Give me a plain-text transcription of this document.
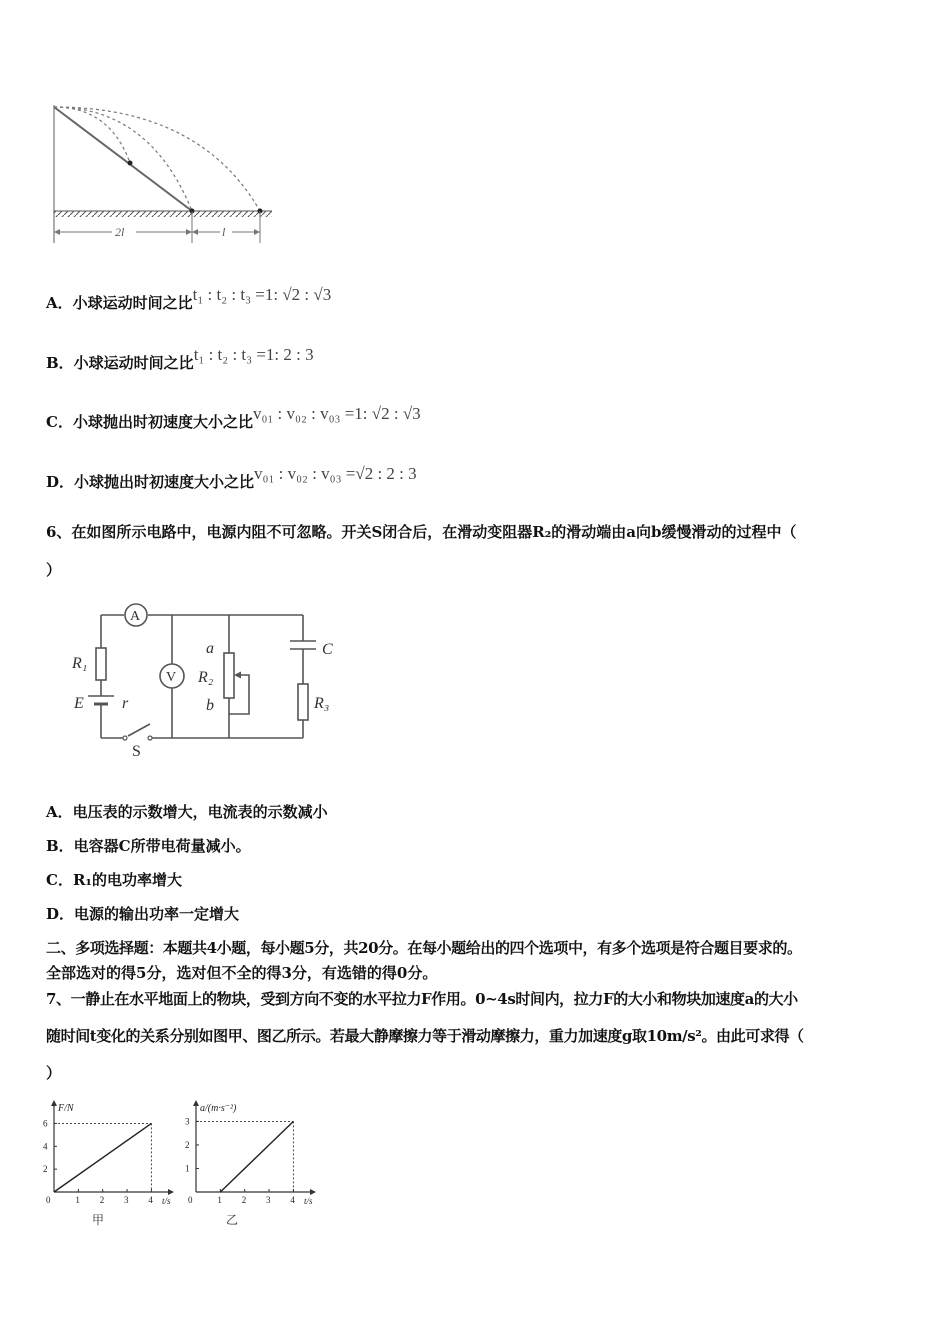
2l	l
A．小球运动时间之比t₁ : t₂ : t₃ =1: √2 : √3
B．小球运动时间之比t₁ : t₂ : t₃ =1: 2 : 3
C．小球抛出时初速度大小之比v₀₁ : v₀₂ : v₀₃ =1: √2 : √3
D．小球抛出时初速度大小之比v₀₁ : v₀₂ : v₀₃ =√2 : 2 : 3
6、在如图所示电路中，电源内阻不可忽略。开关S闭合后，在滑动变阻器R₂的滑动端由a向b缓慢滑动的过程中（
）
A
V
R₁
E r
S
a
R₂
b
C
R₃
A．电压表的示数增大，电流表的示数减小
B．电容器C所带电荷量减小。
C．R₁的电功率增大
D．电源的输出功率一定增大
二、多项选择题：本题共4小题，每小题5分，共20分。在每小题给出的四个选项中，有多个选项是符合题目要求的。
全部选对的得5分，选对但不全的得3分，有选错的得0分。
7、一静止在水平地面上的物块，受到方向不变的水平拉力F作用。0~4s时间内，拉力F的大小和物块加速度a的大小
随时间t变化的关系分别如图甲、图乙所示。若最大静摩擦力等于滑动摩擦力，重力加速度g取10m/s²。由此可求得（
）
0	1 2 3 4
2
4
6
t/s
F/N
甲
0	1 2 3 4
1
2
3
t/s
a/(m·s⁻²)
乙
